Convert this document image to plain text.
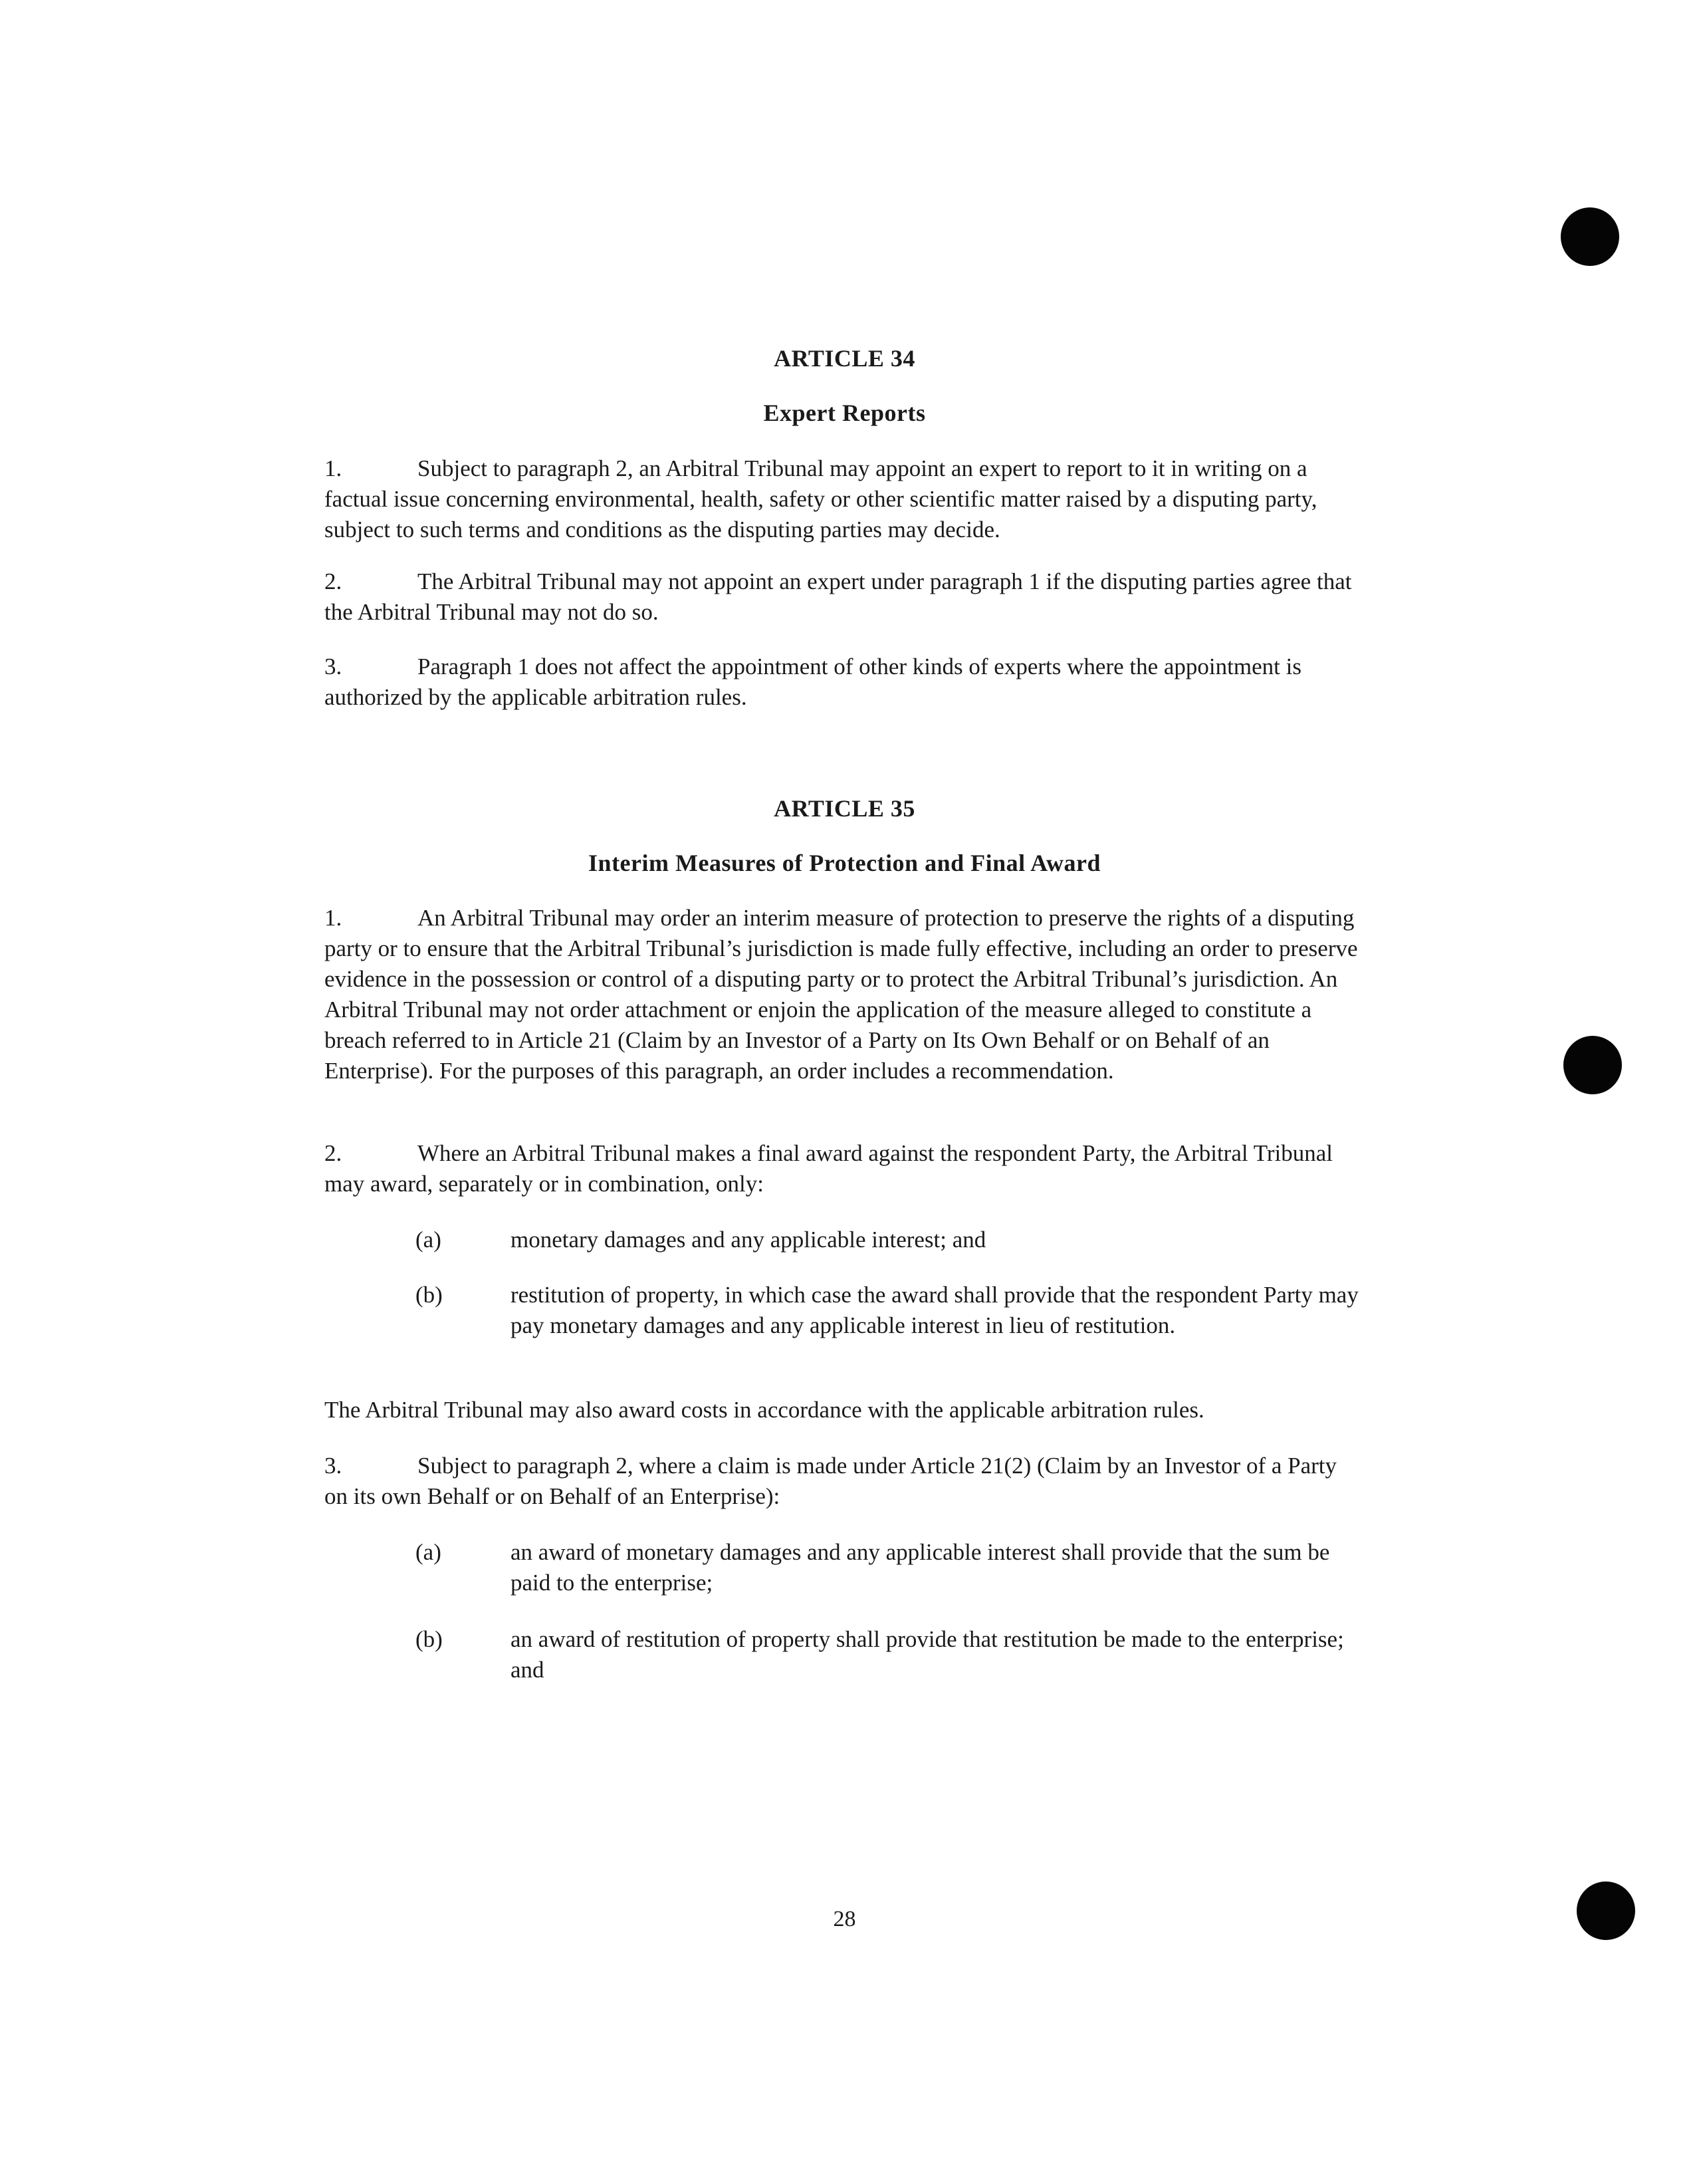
ARTICLE 34
Expert Reports
1.	Subject to paragraph 2, an Arbitral Tribunal may appoint an expert to report to it in writing on a factual issue concerning environmental, health, safety or other scientific matter raised by a disputing party, subject to such terms and conditions as the disputing parties may decide.
2.	The Arbitral Tribunal may not appoint an expert under paragraph 1 if the disputing parties agree that the Arbitral Tribunal may not do so.
3.	Paragraph 1 does not affect the appointment of other kinds of experts where the appointment is authorized by the applicable arbitration rules.
ARTICLE 35
Interim Measures of Protection and Final Award
1.	An Arbitral Tribunal may order an interim measure of protection to preserve the rights of a disputing party or to ensure that the Arbitral Tribunal’s jurisdiction is made fully effective, including an order to preserve evidence in the possession or control of a disputing party or to protect the Arbitral Tribunal’s jurisdiction. An Arbitral Tribunal may not order attachment or enjoin the application of the measure alleged to constitute a breach referred to in Article 21 (Claim by an Investor of a Party on Its Own Behalf or on Behalf of an Enterprise). For the purposes of this paragraph, an order includes a recommendation.
2.	Where an Arbitral Tribunal makes a final award against the respondent Party, the Arbitral Tribunal may award, separately or in combination, only:
(a)	monetary damages and any applicable interest; and
(b)	restitution of property, in which case the award shall provide that the respondent Party may pay monetary damages and any applicable interest in lieu of restitution.
The Arbitral Tribunal may also award costs in accordance with the applicable arbitration rules.
3.	Subject to paragraph 2, where a claim is made under Article 21(2) (Claim by an Investor of a Party on its own Behalf or on Behalf of an Enterprise):
(a)	an award of monetary damages and any applicable interest shall provide that the sum be paid to the enterprise;
(b)	an award of restitution of property shall provide that restitution be made to the enterprise; and
28
